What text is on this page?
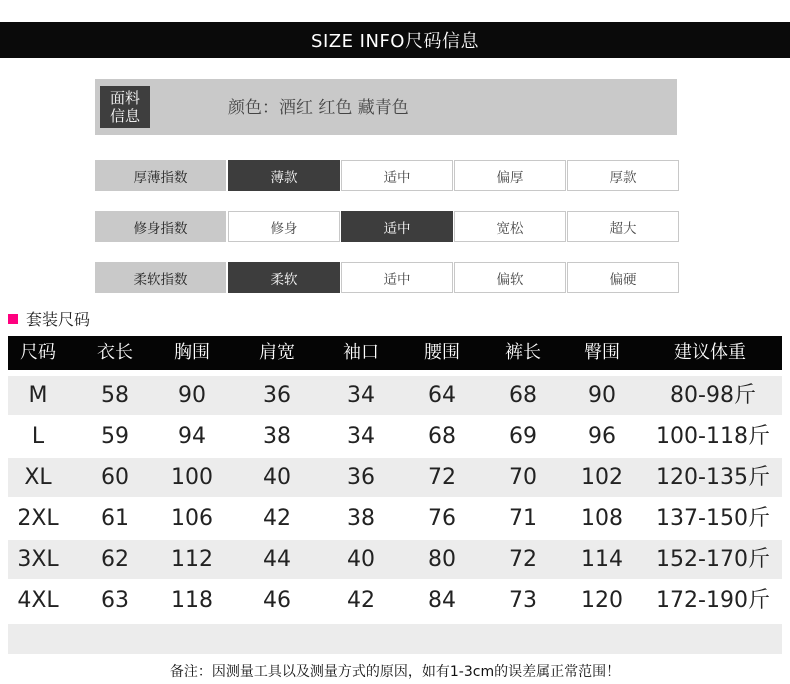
SIZE INFO尺码信息
面料
信息	颜色：酒红 红色 藏青色
厚薄指数	薄款	适中	偏厚	厚款
修身指数	修身	适中	宽松	超大
柔软指数	柔软	适中	偏软	偏硬
套装尺码
尺码 衣长 胸围	肩宽	袖口	腰围	裤长 臀围	建议体重
M 58 90	36	34 64 68 90 80-98斤
L	59 94	38	34 68 69 96 100-118斤
XL 60 100 40	36 72 70 102 120-135斤
2XL 61 106 42	38 76 71 108 137-150斤
3XL 62 112 44	40 80 72 114 152-170斤
4XL 63 118 46	42 84 73 120 172-190斤
备注：因测量工具以及测量方式的原因，如有1-3cm的误差属正常范围！
